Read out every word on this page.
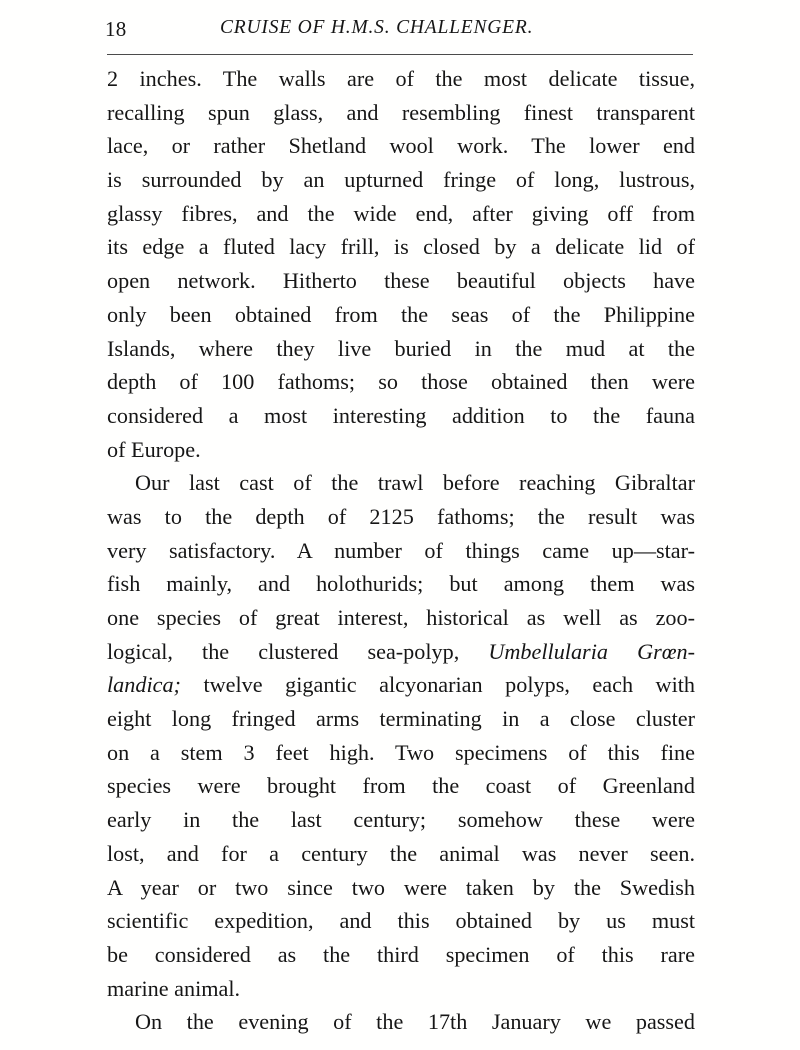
18	CRUISE OF H.M.S. CHALLENGER.
2 inches. The walls are of the most delicate tissue,
recalling spun glass, and resembling finest transparent
lace, or rather Shetland wool work. The lower end
is surrounded by an upturned fringe of long, lustrous,
glassy fibres, and the wide end, after giving off from
its edge a fluted lacy frill, is closed by a delicate lid of
open network. Hitherto these beautiful objects have
only been obtained from the seas of the Philippine
Islands, where they live buried in the mud at the
depth of 100 fathoms; so those obtained then were
considered a most interesting addition to the fauna
of Europe.
Our last cast of the trawl before reaching Gibraltar
was to the depth of 2125 fathoms; the result was
very satisfactory. A number of things came up—star-
fish mainly, and holothurids; but among them was
one species of great interest, historical as well as zoo-
logical, the clustered sea-polyp, Umbellularia Grœn-
landica; twelve gigantic alcyonarian polyps, each with
eight long fringed arms terminating in a close cluster
on a stem 3 feet high. Two specimens of this fine
species were brought from the coast of Greenland
early in the last century; somehow these were
lost, and for a century the animal was never seen.
A year or two since two were taken by the Swedish
scientific expedition, and this obtained by us must
be considered as the third specimen of this rare
marine animal.
On the evening of the 17th January we passed
